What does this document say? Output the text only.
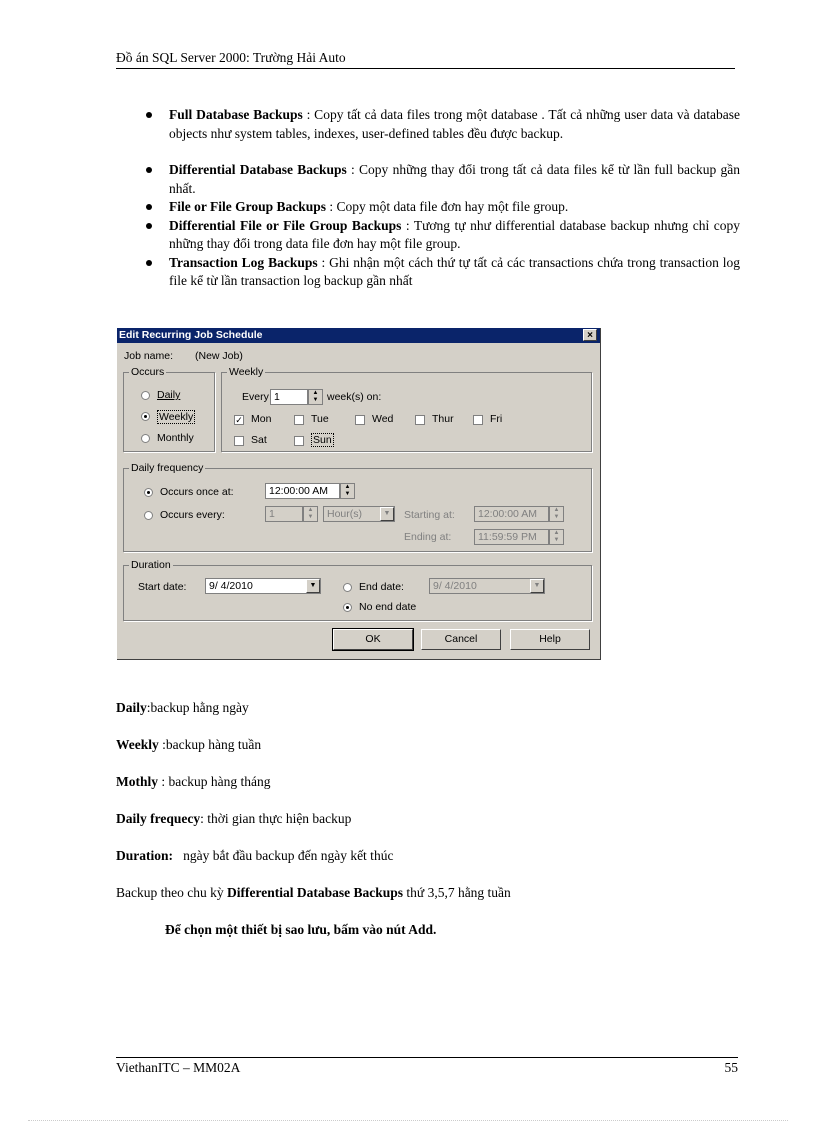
Đồ án SQL Server 2000: Trường Hải Auto
Full Database Backups : Copy tất cả data files trong một database . Tất cả những user data và database objects như system tables, indexes, user-defined tables đều được backup.
Differential Database Backups : Copy những thay đổi trong tất cả data files kể từ lần full backup gần nhất.
File or File Group Backups : Copy một data file đơn hay một file group.
Differential File or File Group Backups : Tương tự như differential database backup nhưng chỉ copy những thay đổi trong data file đơn hay một file group.
Transaction Log Backups : Ghi nhận một cách thứ tự tất cả các transactions chứa trong transaction log file kể từ lần transaction log backup gần nhất
Edit Recurring Job Schedule	×
Job name: (New Job)
Occurs
Daily
Weekly
Monthly
Weekly
Every 1	▲
▼ week(s) on:
✓ Mon	Tue	Wed	Thur	Fri
Sat	Sun
Daily frequency
Occurs once at:	12:00:00 AM	▲
▼
Occurs every:	1	▲
▼	Hour(s)	▼	Starting at:	12:00:00 AM	▲
▼
Ending at:	11:59:59 PM	▲
▼
Duration
Start date:	9/ 4/2010	▼	End date:	9/ 4/2010	▼
No end date
OK	Cancel	Help
Daily:backup hằng ngày
Weekly :backup hàng tuần
Mothly : backup hàng tháng
Daily frequecy: thời gian thực hiện backup
Duration:   ngày bắt đầu backup đến ngày kết thúc
Backup theo chu kỳ Differential Database Backups thứ 3,5,7 hằng tuần
Để chọn một thiết bị sao lưu, bấm vào nút Add.
ViethanITC – MM02A	55
